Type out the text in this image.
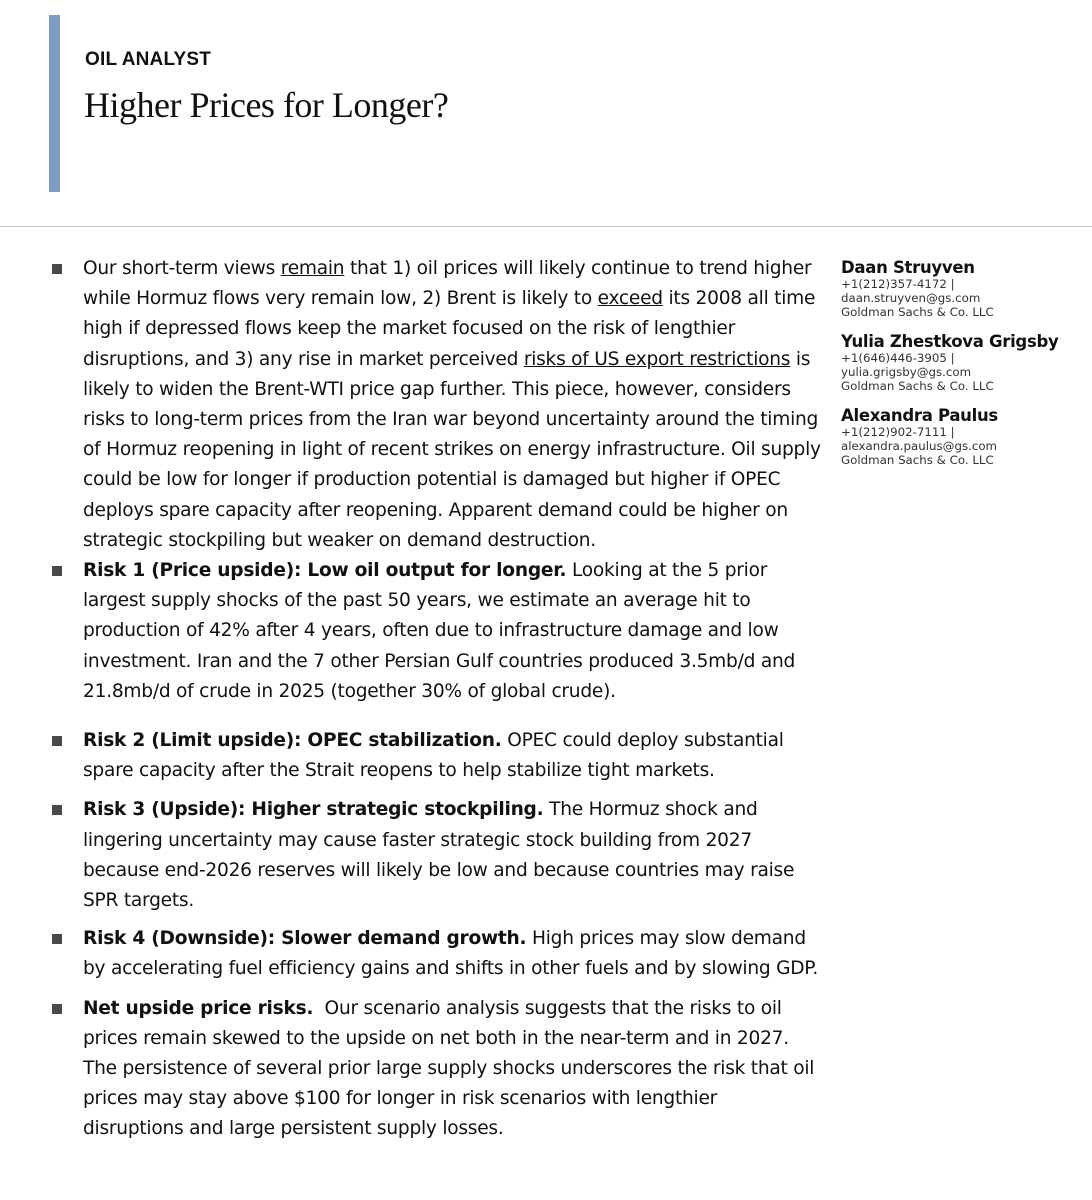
OIL ANALYST
Higher Prices for Longer?
Our short-term views remain that 1) oil prices will likely continue to trend higher while Hormuz flows very remain low, 2) Brent is likely to exceed its 2008 all time high if depressed flows keep the market focused on the risk of lengthier disruptions, and 3) any rise in market perceived risks of US export restrictions is likely to widen the Brent-WTI price gap further. This piece, however, considers risks to long-term prices from the Iran war beyond uncertainty around the timing of Hormuz reopening in light of recent strikes on energy infrastructure. Oil supply could be low for longer if production potential is damaged but higher if OPEC deploys spare capacity after reopening. Apparent demand could be higher on strategic stockpiling but weaker on demand destruction.
Risk 1 (Price upside): Low oil output for longer. Looking at the 5 prior largest supply shocks of the past 50 years, we estimate an average hit to production of 42% after 4 years, often due to infrastructure damage and low investment. Iran and the 7 other Persian Gulf countries produced 3.5mb/d and 21.8mb/d of crude in 2025 (together 30% of global crude).
Risk 2 (Limit upside): OPEC stabilization. OPEC could deploy substantial spare capacity after the Strait reopens to help stabilize tight markets.
Risk 3 (Upside): Higher strategic stockpiling. The Hormuz shock and lingering uncertainty may cause faster strategic stock building from 2027 because end-2026 reserves will likely be low and because countries may raise SPR targets.
Risk 4 (Downside): Slower demand growth. High prices may slow demand by accelerating fuel efficiency gains and shifts in other fuels and by slowing GDP.
Net upside price risks.  Our scenario analysis suggests that the risks to oil prices remain skewed to the upside on net both in the near-term and in 2027. The persistence of several prior large supply shocks underscores the risk that oil prices may stay above $100 for longer in risk scenarios with lengthier disruptions and large persistent supply losses.
Daan Struyven
+1(212)357-4172 |
daan.struyven@gs.com
Goldman Sachs & Co. LLC
Yulia Zhestkova Grigsby
+1(646)446-3905 |
yulia.grigsby@gs.com
Goldman Sachs & Co. LLC
Alexandra Paulus
+1(212)902-7111 |
alexandra.paulus@gs.com
Goldman Sachs & Co. LLC
